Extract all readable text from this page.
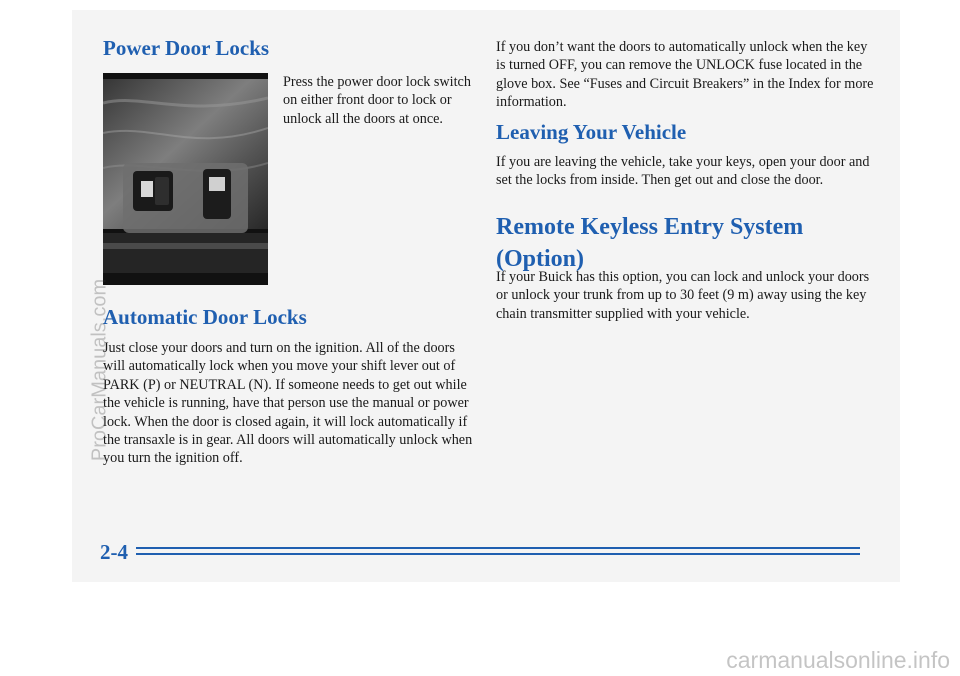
Power Door Locks

Press the power door lock switch on either front door to lock or unlock all the doors at once.

Automatic Door Locks

Just close your doors and turn on the ignition. All of the doors will automatically lock when you move your shift lever out of PARK (P) or NEUTRAL (N). If someone needs to get out while the vehicle is running, have that person use the manual or power lock. When the door is closed again, it will lock automatically if the transaxle is in gear. All doors will automatically unlock when you turn the ignition off.

If you don’t want the doors to automatically unlock when the key is turned OFF, you can remove the UNLOCK fuse located in the glove box. See “Fuses and Circuit Breakers” in the Index for more information.

Leaving Your Vehicle

If you are leaving the vehicle, take your keys, open your door and set the locks from inside. Then get out and close the door.

Remote Keyless Entry System (Option)

If your Buick has this option, you can lock and unlock your doors or unlock your trunk from up to 30 feet (9 m) away using the key chain transmitter supplied with your vehicle.

2-4

ProCarManuals.com

carmanualsonline.info
